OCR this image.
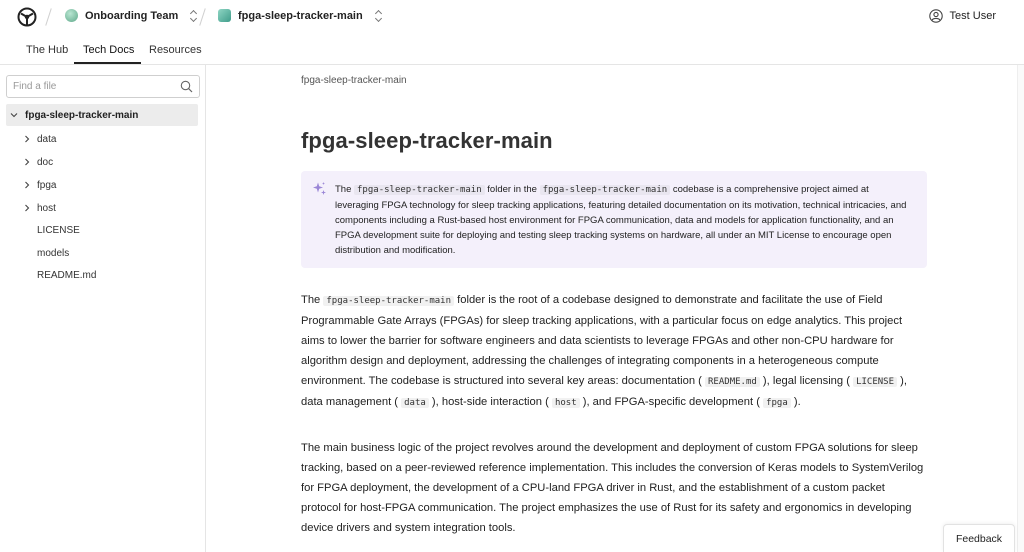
Onboarding Team	fpga-sleep-tracker-main	Test User
The Hub Tech Docs Resources
Find a file
fpga-sleep-tracker-main
data
doc
fpga
host
LICENSE
models
README.md
fpga-sleep-tracker-main
fpga-sleep-tracker-main
The fpga-sleep-tracker-main folder in the fpga-sleep-tracker-main codebase is a comprehensive project aimed at leveraging FPGA technology for sleep tracking applications, featuring detailed documentation on its motivation, technical intricacies, and components including a Rust-based host environment for FPGA communication, data and models for application functionality, and an FPGA development suite for deploying and testing sleep tracking systems on hardware, all under an MIT License to encourage open distribution and modification.

The fpga-sleep-tracker-main folder is the root of a codebase designed to demonstrate and facilitate the use of Field Programmable Gate Arrays (FPGAs) for sleep tracking applications, with a particular focus on edge analytics. This project aims to lower the barrier for software engineers and data scientists to leverage FPGAs and other non-CPU hardware for algorithm design and deployment, addressing the challenges of integrating components in a heterogeneous compute environment. The codebase is structured into several key areas: documentation ( README.md ), legal licensing ( LICENSE ), data management ( data ), host-side interaction ( host ), and FPGA-specific development ( fpga ).

The main business logic of the project revolves around the development and deployment of custom FPGA solutions for sleep tracking, based on a peer-reviewed reference implementation. This includes the conversion of Keras models to SystemVerilog for FPGA deployment, the development of a CPU-land FPGA driver in Rust, and the establishment of a custom packet protocol for host-FPGA communication. The project emphasizes the use of Rust for its safety and ergonomics in developing device drivers and system integration tools.

Feedback
